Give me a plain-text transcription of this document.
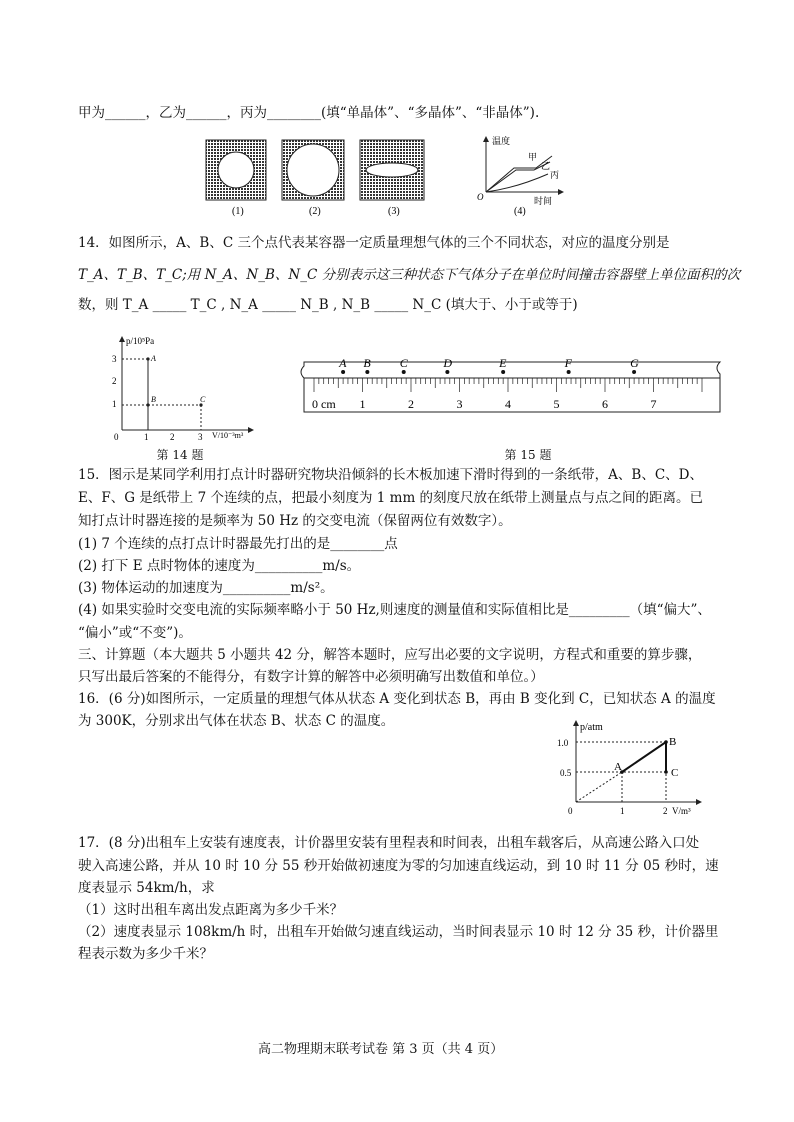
甲为______，乙为______，丙为________(填“单晶体”、“多晶体”、“非晶体”).
(1)	(2)	(3)
温度
时间
O
甲
乙
丙
(4)
14．如图所示，A、B、C 三个点代表某容器一定质量理想气体的三个不同状态，对应的温度分别是
T_A、T_B、T_C;用 N_A、N_B、N_C 分别表示这三种状态下气体分子在单位时间撞击容器壁上单位面积的次
数，则 T_A _____ T_C , N_A _____ N_B , N_B _____ N_C (填大于、小于或等于)
p/10⁵Pa
V/10⁻³m³
3
2
1
1 2	3
0
A
B	C
第 14 题
A B C	D	E	F	G
0 cm 1	2	3	4	5	6	7
第 15 题
15．图示是某同学利用打点计时器研究物块沿倾斜的长木板加速下滑时得到的一条纸带，A、B、C、D、
E、F、G 是纸带上 7 个连续的点，把最小刻度为 1 mm 的刻度尺放在纸带上测量点与点之间的距离。已
知打点计时器连接的是频率为 50 Hz 的交变电流（保留两位有效数字）。
(1) 7 个连续的点打点计时器最先打出的是________点
(2) 打下 E 点时物体的速度为__________m/s。
(3) 物体运动的加速度为__________m/s²。
(4) 如果实验时交变电流的实际频率略小于 50 Hz,则速度的测量值和实际值相比是_________（填“偏大”、
“偏小”或“不变”)。
三、计算题（本大题共 5 小题共 42 分，解答本题时，应写出必要的文字说明，方程式和重要的算步骤，
只写出最后答案的不能得分，有数字计算的解答中必须明确写出数值和单位。）
16．(6 分)如图所示，一定质量的理想气体从状态 A 变化到状态 B，再由 B 变化到 C，已知状态 A 的温度
为 300K，分别求出气体在状态 B、状态 C 的温度。	p/atm
V/m³
1.0
0.5
1	2
0
A
B
C
17．(8 分)出租车上安装有速度表，计价器里安装有里程表和时间表，出租车载客后，从高速公路入口处
驶入高速公路，并从 10 时 10 分 55 秒开始做初速度为零的匀加速直线运动，到 10 时 11 分 05 秒时，速
度表显示 54km/h，求
（1）这时出租车离出发点距离为多少千米？
（2）速度表显示 108km/h 时，出租车开始做匀速直线运动，当时间表显示 10 时 12 分 35 秒，计价器里
程表示数为多少千米？
高二物理期末联考试卷 第 3 页（共 4 页）
